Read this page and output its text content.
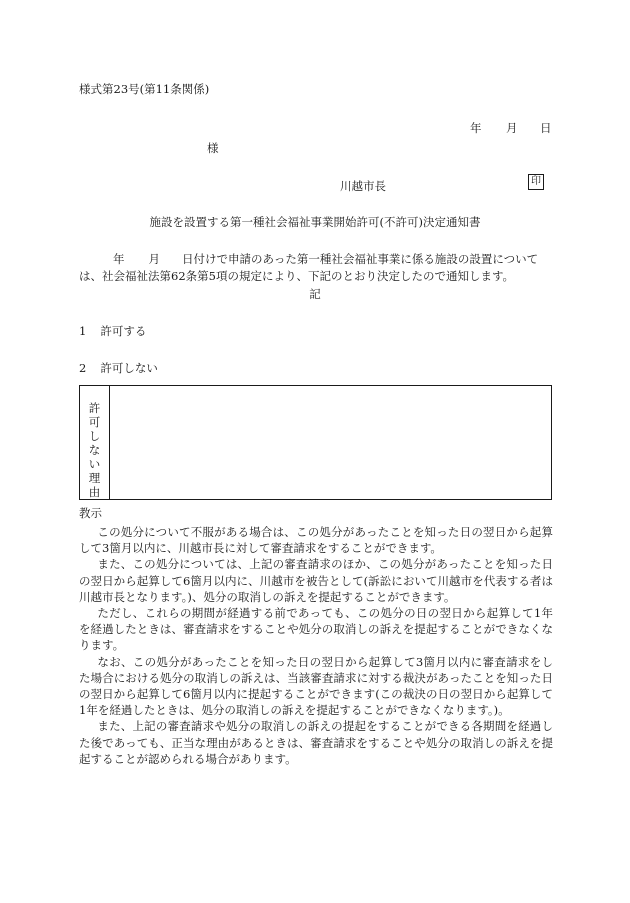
様式第23号(第11条関係)
年 月 日
様
川越市長	印
施設を設置する第一種社会福祉事業開始許可(不許可)決定通知書
年 月 日付けで申請のあった第一種社会福祉事業に係る施設の設置については、社会福祉法第62条第5項の規定により、下記のとおり決定したので通知します。
記
1 許可する
2 許可しない
許
可
し
な
い
理
由
教示

この処分について不服がある場合は、この処分があったことを知った日の翌日から起算して3箇月以内に、川越市長に対して審査請求をすることができます。

また、この処分については、上記の審査請求のほか、この処分があったことを知った日の翌日から起算して6箇月以内に、川越市を被告として(訴訟において川越市を代表する者は川越市長となります。)、処分の取消しの訴えを提起することができます。

ただし、これらの期間が経過する前であっても、この処分の日の翌日から起算して1年を経過したときは、審査請求をすることや処分の取消しの訴えを提起することができなくなります。

なお、この処分があったことを知った日の翌日から起算して3箇月以内に審査請求をした場合における処分の取消しの訴えは、当該審査請求に対する裁決があったことを知った日の翌日から起算して6箇月以内に提起することができます(この裁決の日の翌日から起算して1年を経過したときは、処分の取消しの訴えを提起することができなくなります。)。

また、上記の審査請求や処分の取消しの訴えの提起をすることができる各期間を経過した後であっても、正当な理由があるときは、審査請求をすることや処分の取消しの訴えを提起することが認められる場合があります。
